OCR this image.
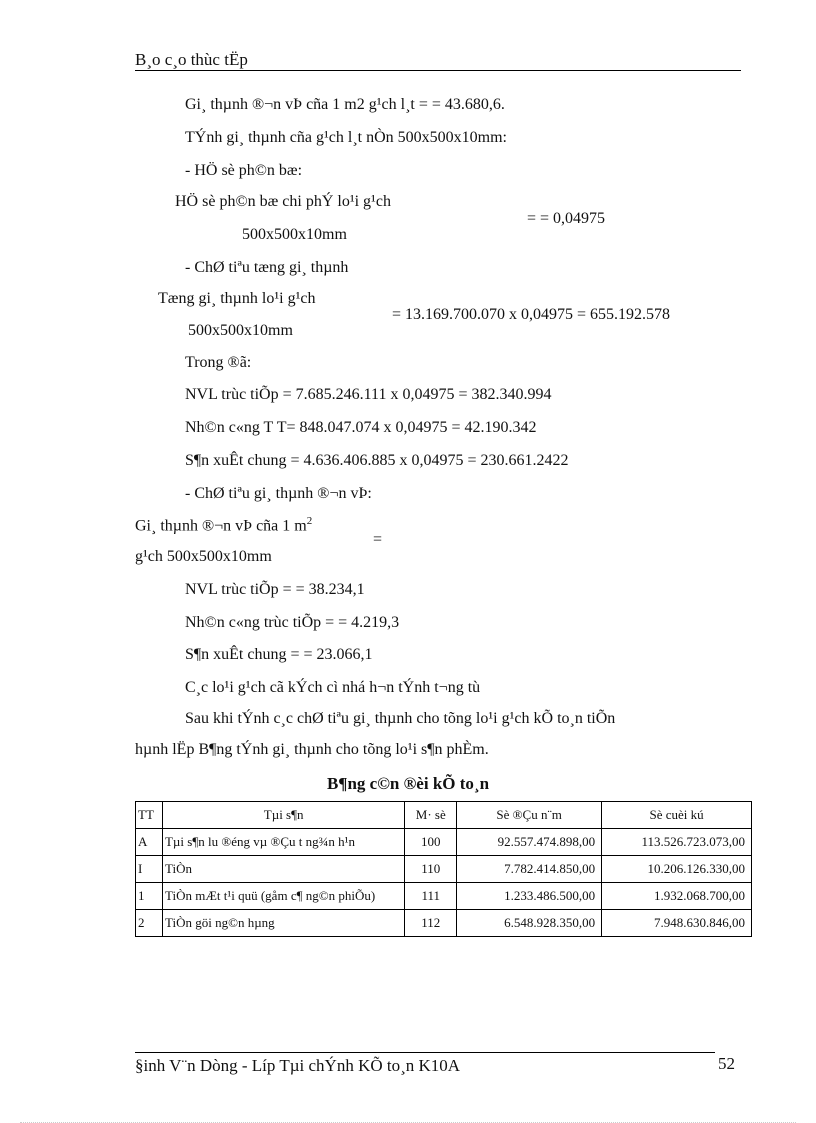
B¸o c¸o thùc tËp
Gi¸ thµnh ®¬n vÞ cña 1 m2 g¹ch l¸t = = 43.680,6.
TÝnh gi¸ thµnh cña g¹ch l¸t nÒn 500x500x10mm:
- HÖ sè ph©n bæ:
HÖ sè ph©n bæ chi phÝ lo¹i g¹ch
500x500x10mm
= = 0,04975
- ChØ tiªu tæng gi¸ thµnh
Tæng gi¸ thµnh lo¹i g¹ch
500x500x10mm
= 13.169.700.070 x 0,04975 = 655.192.578
Trong ®ã:
NVL trùc tiÕp = 7.685.246.111 x 0,04975 = 382.340.994
Nh©n c«ng T T= 848.047.074 x 0,04975 = 42.190.342
S¶n xuÊt chung = 4.636.406.885 x 0,04975 = 230.661.2422
- ChØ tiªu gi¸ thµnh ®¬n vÞ:
Gi¸ thµnh ®¬n vÞ cña 1 $m^2$
g¹ch 500x500x10mm
=
NVL trùc tiÕp = = 38.234,1
Nh©n c«ng trùc tiÕp = = 4.219,3
S¶n xuÊt chung = = 23.066,1
C¸c lo¹i g¹ch cã kÝch cì nhá h¬n tÝnh t¬ng tù
Sau khi tÝnh c¸c chØ tiªu gi¸ thµnh cho tõng lo¹i g¹ch kÕ to¸n tiÕn
hµnh lËp B¶ng tÝnh gi¸ thµnh cho tõng lo¹i s¶n phÈm.
B¶ng c©n ®èi kÕ to¸n
TT	Tµi s¶n	M· sè	Sè ®Çu n¨m	Sè cuèi kú
A	Tµi s¶n lu ®éng vµ ®Çu t ng¾n h¹n	100	92.557.474.898,00	113.526.723.073,00
I	TiÒn	110	7.782.414.850,00	10.206.126.330,00
1	TiÒn mÆt t¹i quü (gåm c¶ ng©n phiÕu)	111	1.233.486.500,00	1.932.068.700,00
2	TiÒn göi ng©n hµng	112	6.548.928.350,00	7.948.630.846,00
§inh V¨n Dòng - Líp Tµi chÝnh KÕ to¸n K10A	52
